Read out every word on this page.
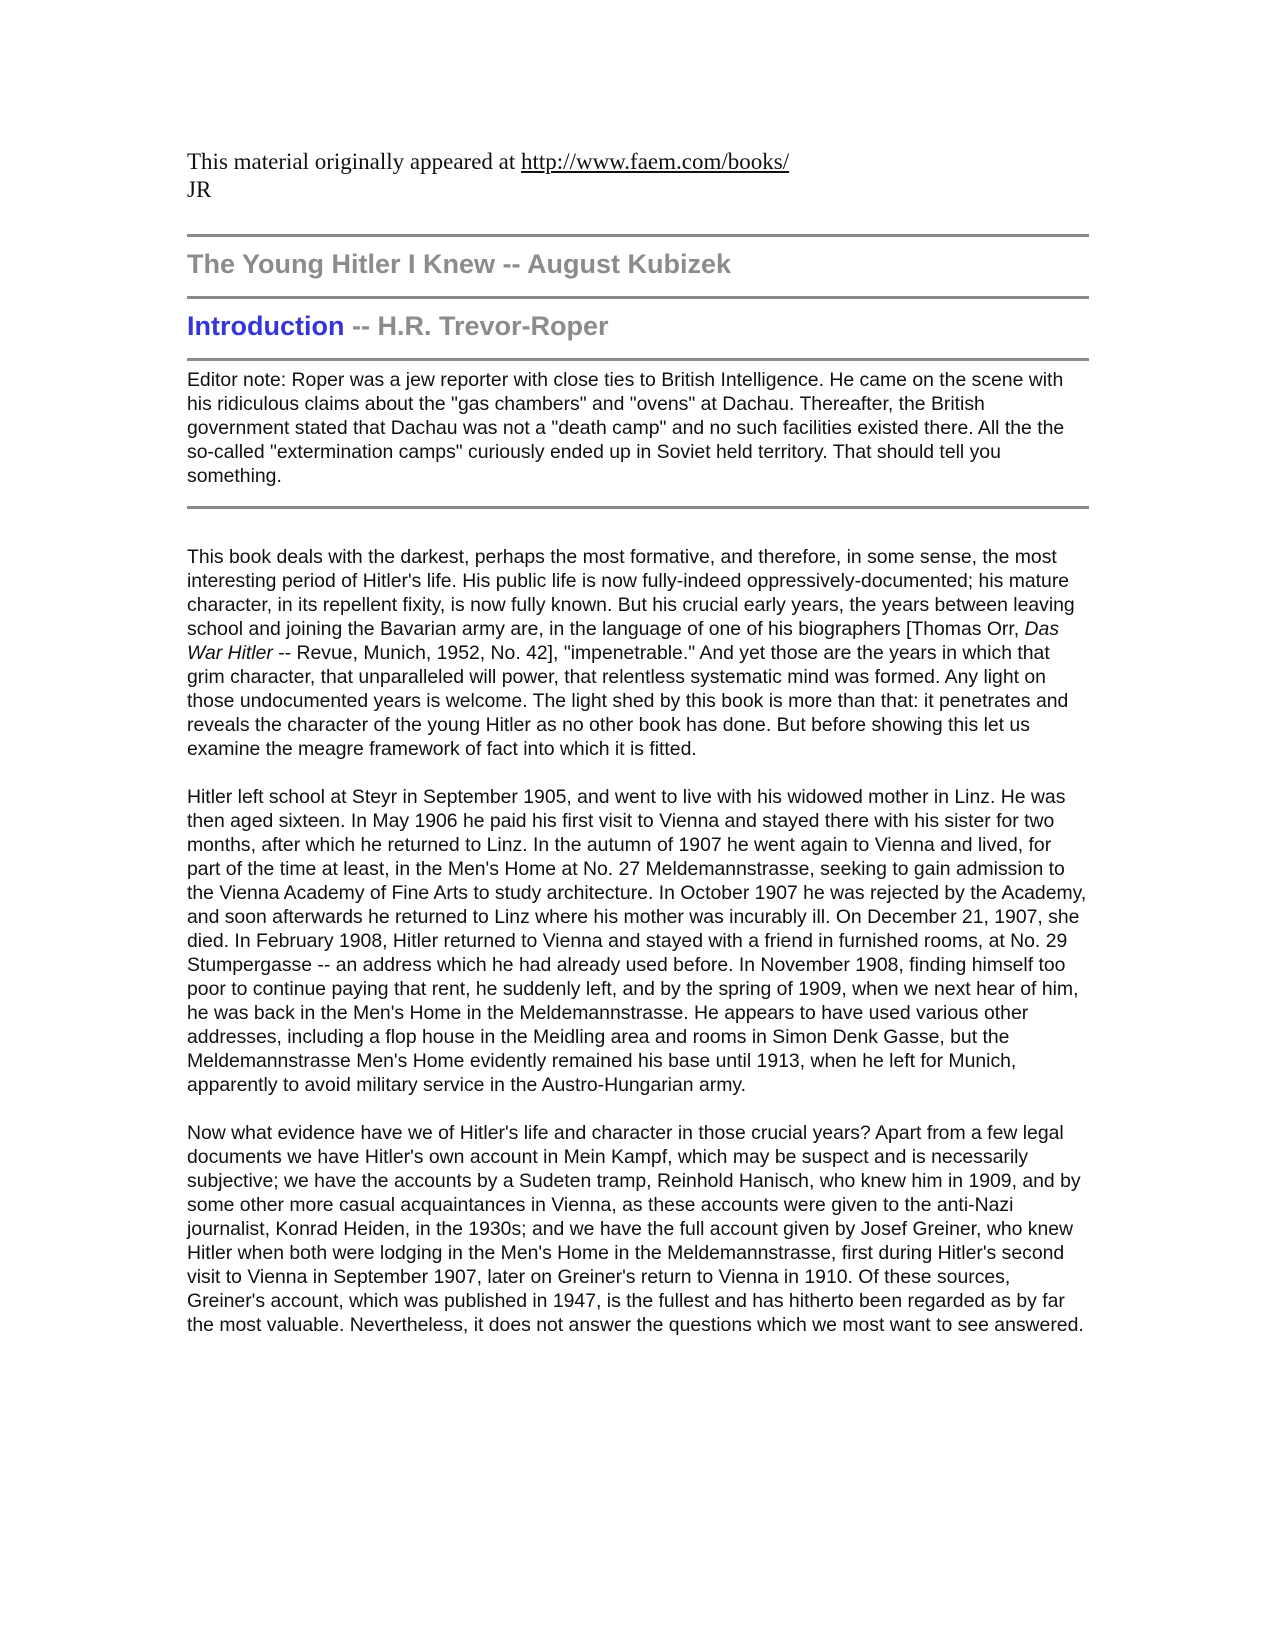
This material originally appeared at http://www.faem.com/books/

JR

The Young Hitler I Knew -- August Kubizek
Introduction -- H.R. Trevor-Roper

Editor note: Roper was a jew reporter with close ties to British Intelligence. He came on the scene with his ridiculous claims about the "gas chambers" and "ovens" at Dachau. Thereafter, the British government stated that Dachau was not a "death camp" and no such facilities existed there. All the the so-called "extermination camps" curiously ended up in Soviet held territory. That should tell you something.

This book deals with the darkest, perhaps the most formative, and therefore, in some sense, the most interesting period of Hitler's life. His public life is now fully-indeed oppressively-documented; his mature character, in its repellent fixity, is now fully known. But his crucial early years, the years between leaving school and joining the Bavarian army are, in the language of one of his biographers [Thomas Orr, Das War Hitler -- Revue, Munich, 1952, No. 42], "impenetrable." And yet those are the years in which that grim character, that unparalleled will power, that relentless systematic mind was formed. Any light on those undocumented years is welcome. The light shed by this book is more than that: it penetrates and reveals the character of the young Hitler as no other book has done. But before showing this let us examine the meagre framework of fact into which it is fitted.

Hitler left school at Steyr in September 1905, and went to live with his widowed mother in Linz. He was then aged sixteen. In May 1906 he paid his first visit to Vienna and stayed there with his sister for two months, after which he returned to Linz. In the autumn of 1907 he went again to Vienna and lived, for part of the time at least, in the Men's Home at No. 27 Meldemannstrasse, seeking to gain admission to the Vienna Academy of Fine Arts to study architecture. In October 1907 he was rejected by the Academy, and soon afterwards he returned to Linz where his mother was incurably ill. On December 21, 1907, she died. In February 1908, Hitler returned to Vienna and stayed with a friend in furnished rooms, at No. 29 Stumpergasse -- an address which he had already used before. In November 1908, finding himself too poor to continue paying that rent, he suddenly left, and by the spring of 1909, when we next hear of him, he was back in the Men's Home in the Meldemannstrasse. He appears to have used various other addresses, including a flop house in the Meidling area and rooms in Simon Denk Gasse, but the Meldemannstrasse Men's Home evidently remained his base until 1913, when he left for Munich, apparently to avoid military service in the Austro-Hungarian army.

Now what evidence have we of Hitler's life and character in those crucial years? Apart from a few legal documents we have Hitler's own account in Mein Kampf, which may be suspect and is necessarily subjective; we have the accounts by a Sudeten tramp, Reinhold Hanisch, who knew him in 1909, and by some other more casual acquaintances in Vienna, as these accounts were given to the anti-Nazi journalist, Konrad Heiden, in the 1930s; and we have the full account given by Josef Greiner, who knew Hitler when both were lodging in the Men's Home in the Meldemannstrasse, first during Hitler's second visit to Vienna in September 1907, later on Greiner's return to Vienna in 1910. Of these sources, Greiner's account, which was published in 1947, is the fullest and has hitherto been regarded as by far the most valuable. Nevertheless, it does not answer the questions which we most want to see answered.
